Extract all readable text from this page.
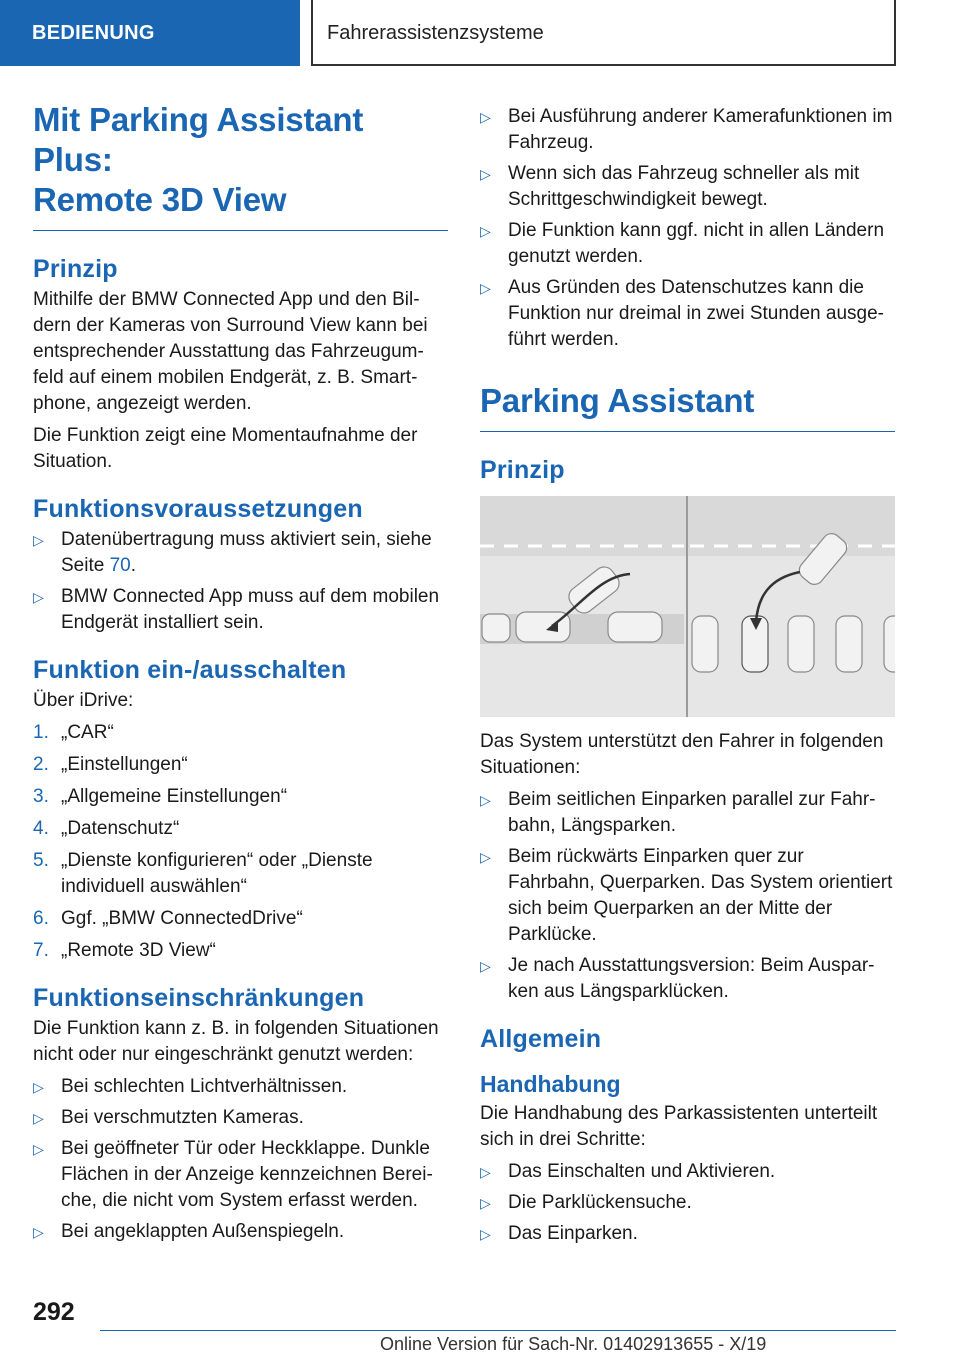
BEDIENUNG	Fahrerassistenzsysteme
Mit Parking Assistant Plus:
Remote 3D View
Prinzip

Mithilfe der BMW Connected App und den Bil-dern der Kameras von Surround View kann bei entsprechender Ausstattung das Fahrzeugum-feld auf einem mobilen Endgerät, z. B. Smart-phone, angezeigt werden.

Die Funktion zeigt eine Momentaufnahme der Situation.

Funktionsvoraussetzungen
▷ Datenübertragung muss aktiviert sein, siehe Seite 70.
▷ BMW Connected App muss auf dem mobilen Endgerät installiert sein.
Funktion ein-/ausschalten

Über iDrive:

1. „CAR“
2. „Einstellungen“
3. „Allgemeine Einstellungen“
4. „Datenschutz“
5. „Dienste konfigurieren“ oder „Dienste individuell auswählen“
6. Ggf. „BMW ConnectedDrive“
7. „Remote 3D View“
Funktionseinschränkungen

Die Funktion kann z. B. in folgenden Situationen nicht oder nur eingeschränkt genutzt werden:

▷ Bei schlechten Lichtverhältnissen.
▷ Bei verschmutzten Kameras.
▷ Bei geöffneter Tür oder Heckklappe. Dunkle Flächen in der Anzeige kennzeichnen Berei-che, die nicht vom System erfasst werden.
▷ Bei angeklappten Außenspiegeln.
▷ Bei Ausführung anderer Kamerafunktionen im Fahrzeug.
▷ Wenn sich das Fahrzeug schneller als mit Schrittgeschwindigkeit bewegt.
▷ Die Funktion kann ggf. nicht in allen Ländern genutzt werden.
▷ Aus Gründen des Datenschutzes kann die Funktion nur dreimal in zwei Stunden ausge-führt werden.
Parking Assistant
Prinzip

Das System unterstützt den Fahrer in folgenden Situationen:

▷ Beim seitlichen Einparken parallel zur Fahr-bahn, Längsparken.
▷ Beim rückwärts Einparken quer zur Fahrbahn, Querparken. Das System orientiert sich beim Querparken an der Mitte der Parklücke.
▷ Je nach Ausstattungsversion: Beim Auspar-ken aus Längsparklücken.
Allgemein
Handhabung

Die Handhabung des Parkassistenten unterteilt sich in drei Schritte:

▷ Das Einschalten und Aktivieren.
▷ Die Parklückensuche.
▷ Das Einparken.
292
Online Version für Sach-Nr. 01402913655 - X/19
